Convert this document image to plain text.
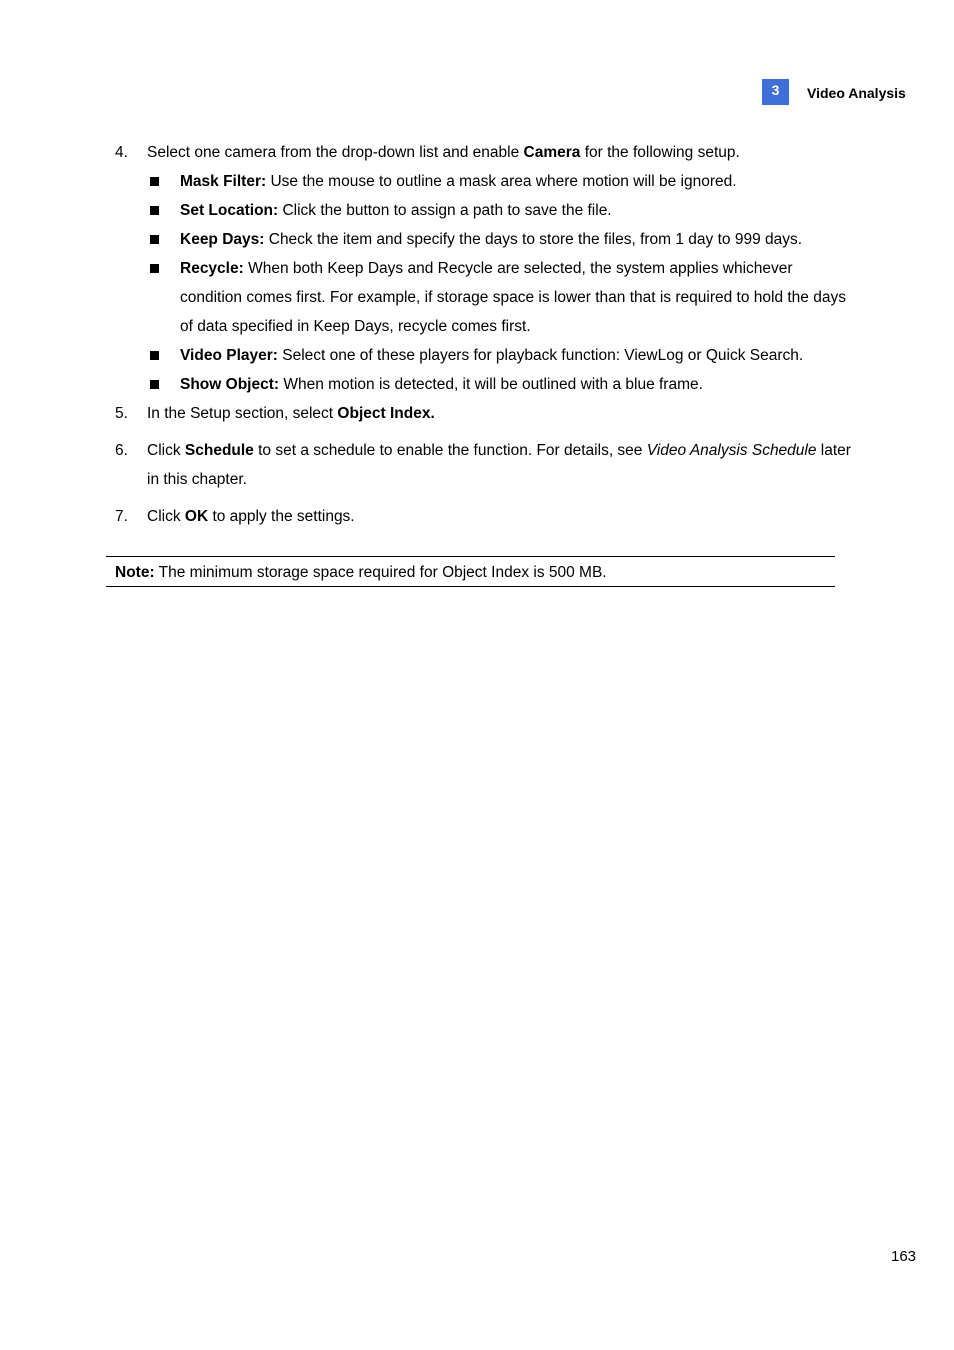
3	Video Analysis
4. Select one camera from the drop-down list and enable Camera for the following setup.
Mask Filter: Use the mouse to outline a mask area where motion will be ignored.
Set Location: Click the button to assign a path to save the file.
Keep Days: Check the item and specify the days to store the files, from 1 day to 999 days.
Recycle: When both Keep Days and Recycle are selected, the system applies whichever condition comes first. For example, if storage space is lower than that is required to hold the days of data specified in Keep Days, recycle comes first.
Video Player: Select one of these players for playback function: ViewLog or Quick Search.
Show Object: When motion is detected, it will be outlined with a blue frame.
5. In the Setup section, select Object Index.
6. Click Schedule to set a schedule to enable the function. For details, see Video Analysis Schedule later in this chapter.
7. Click OK to apply the settings.
Note: The minimum storage space required for Object Index is 500 MB.
163
